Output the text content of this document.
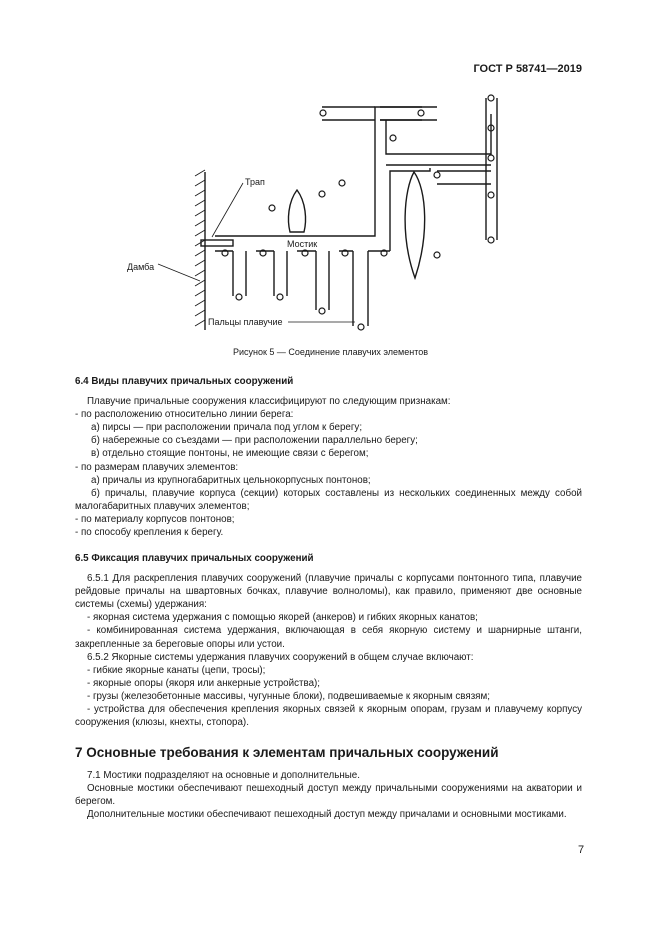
ГОСТ Р 58741—2019
Трап
Мостик
Дамба
Пальцы плавучие
Рисунок 5 — Соединение плавучих элементов

6.4 Виды плавучих причальных сооружений

Плавучие причальные сооружения классифицируют по следующим признакам:

- по расположению относительно линии берега:

а) пирсы — при расположении причала под углом к берегу;

б) набережные со съездами — при расположении параллельно берегу;

в) отдельно стоящие понтоны, не имеющие связи с берегом;

- по размерам плавучих элементов:

а) причалы из крупногабаритных цельнокорпусных понтонов;

б) причалы, плавучие корпуса (секции) которых составлены из нескольких соединенных между собой малогабаритных плавучих элементов;

- по материалу корпусов понтонов;

- по способу крепления к берегу.

6.5 Фиксация плавучих причальных сооружений

6.5.1 Для раскрепления плавучих сооружений (плавучие причалы с корпусами понтонного типа, плавучие рейдовые причалы на швартовных бочках, плавучие волноломы), как правило, применяют две основные системы (схемы) удержания:

- якорная система удержания с помощью якорей (анкеров) и гибких якорных канатов;

- комбинированная система удержания, включающая в себя якорную систему и шарнирные штанги, закрепленные за береговые опоры или устои.

6.5.2 Якорные системы удержания плавучих сооружений в общем случае включают:

- гибкие якорные канаты (цепи, тросы);

- якорные опоры (якоря или анкерные устройства);

- грузы (железобетонные массивы, чугунные блоки), подвешиваемые к якорным связям;

- устройства для обеспечения крепления якорных связей к якорным опорам, грузам и плавучему корпусу сооружения (клюзы, кнехты, стопора).

7 Основные требования к элементам причальных сооружений

7.1 Мостики подразделяют на основные и дополнительные.

Основные мостики обеспечивают пешеходный доступ между причальными сооружениями на акватории и берегом.

Дополнительные мостики обеспечивают пешеходный доступ между причалами и основными мостиками.

7
